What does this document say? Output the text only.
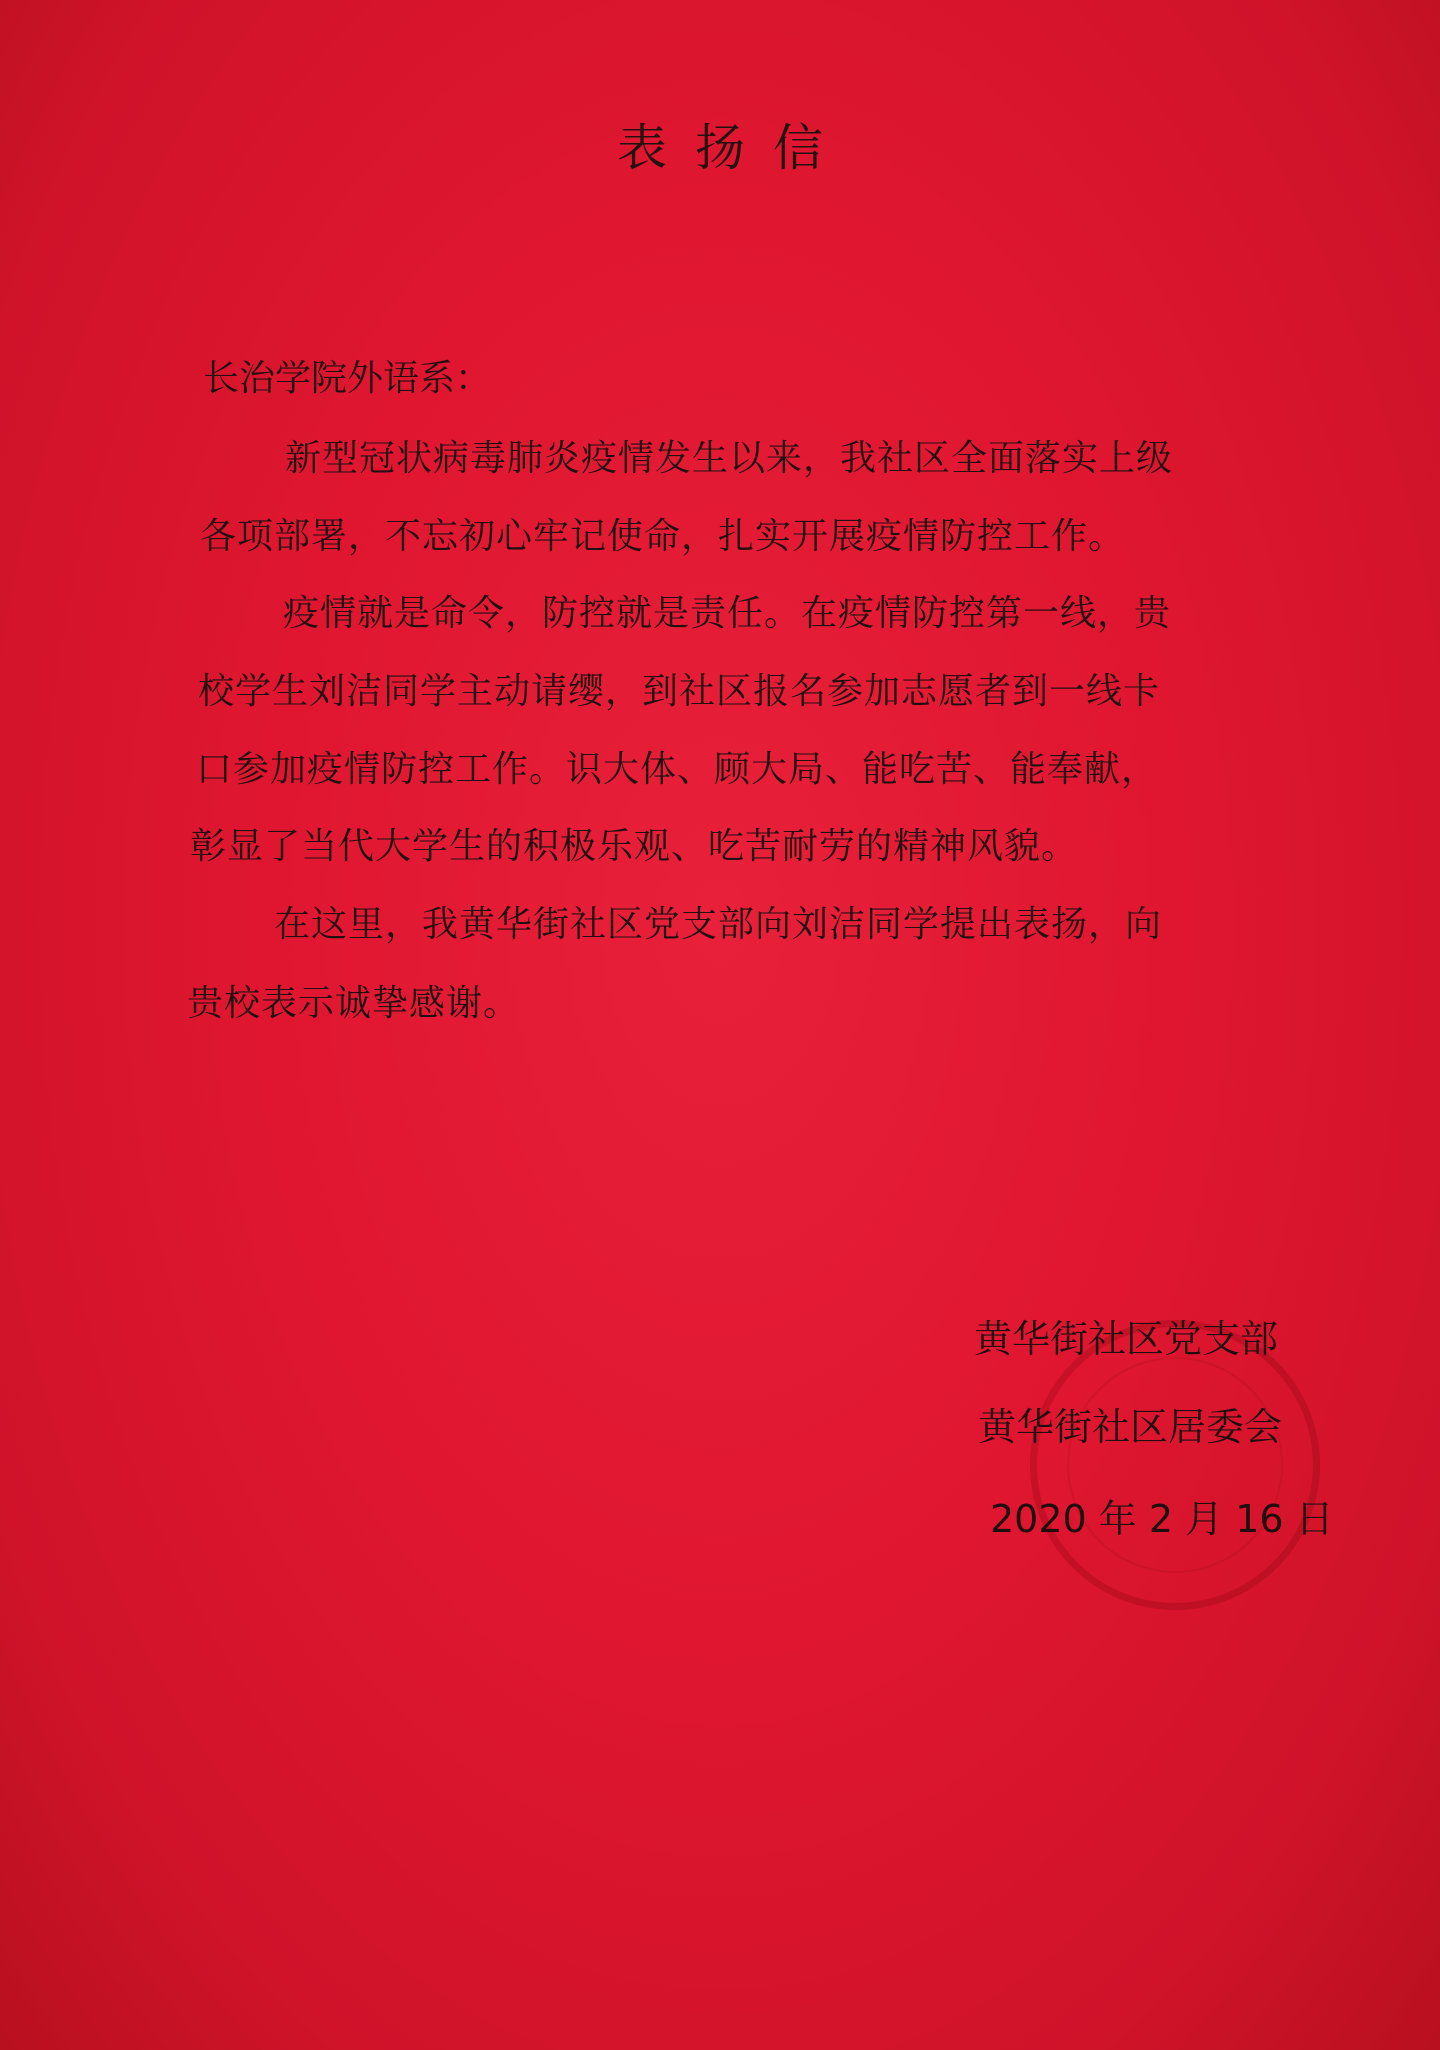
表扬信
长治学院外语系：
新型冠状病毒肺炎疫情发生以来，我社区全面落实上级
各项部署，不忘初心牢记使命，扎实开展疫情防控工作。
疫情就是命令，防控就是责任。在疫情防控第一线，贵
校学生刘洁同学主动请缨，到社区报名参加志愿者到一线卡
口参加疫情防控工作。识大体、顾大局、能吃苦、能奉献，
彰显了当代大学生的积极乐观、吃苦耐劳的精神风貌。
在这里，我黄华街社区党支部向刘洁同学提出表扬，向
贵校表示诚挚感谢。
黄华街社区党支部
黄华街社区居委会
2020 年 2 月 16 日
